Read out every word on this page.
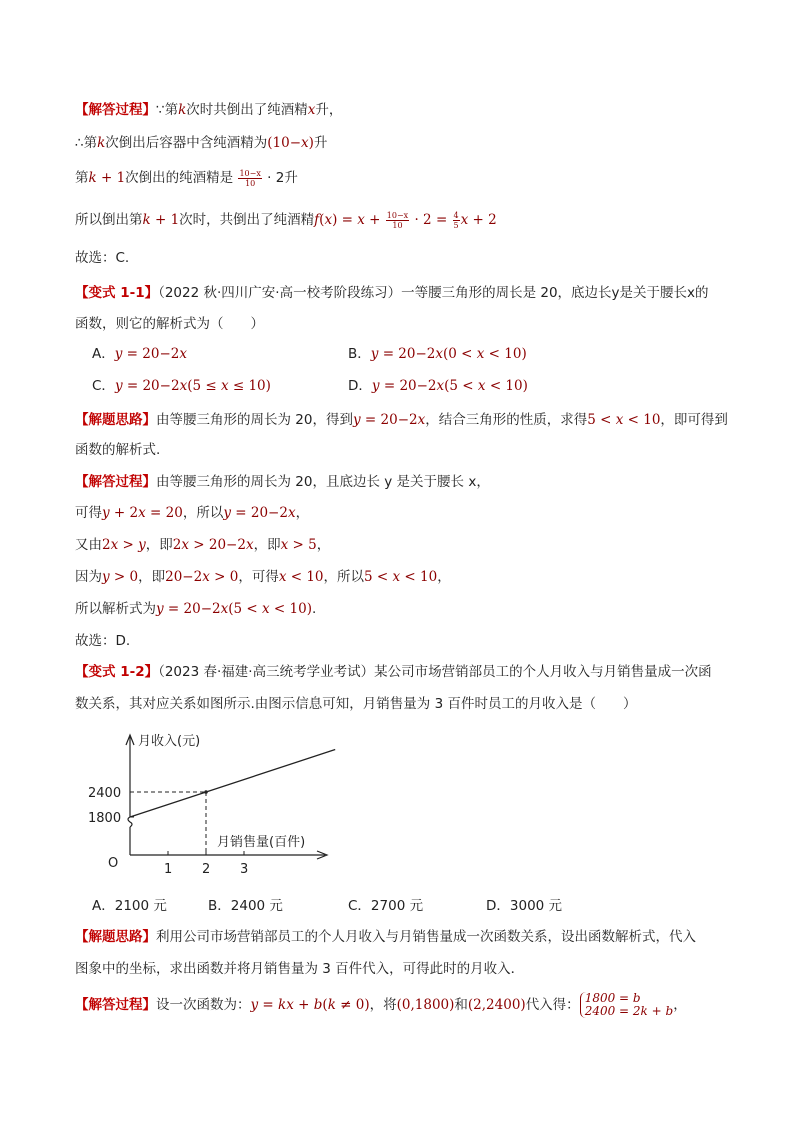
【解答过程】∵第k次时共倒出了纯酒精x升，
∴第k次倒出后容器中含纯酒精为(10−x)升
第k + 1次倒出的纯酒精是 $\frac{10-x}{10} \cdot 2$升
所以倒出第k + 1次时，共倒出了纯酒精$f(x) = x + \frac{10-x}{10} \cdot 2 = \frac{4}{5}$ x + 2
故选：C.
【变式 1-1】（2022 秋·四川广安·高一校考阶段练习）一等腰三角形的周长是 20，底边长y是关于腰长x的
函数，则它的解析式为（　　）
A．y = 20−2x	B．y = 20−2x(0 < x < 10)
C．y = 20−2x(5 ≤ x ≤ 10)	D．y = 20−2x(5 < x < 10)
【解题思路】由等腰三角形的周长为 20，得到y = 20−2x，结合三角形的性质，求得5 < x < 10，即可得到
函数的解析式.
【解答过程】由等腰三角形的周长为 20，且底边长 y 是关于腰长 x，
可得y + 2x = 20，所以y = 20−2x，
又由2x > y，即2x > 20−2x，即x > 5，
因为y > 0，即20−2x > 0，可得x < 10，所以5 < x < 10，
所以解析式为y = 20−2x(5 < x < 10).
故选：D.
【变式 1-2】（2023 春·福建·高三统考学业考试）某公司市场营销部员工的个人月收入与月销售量成一次函
数关系，其对应关系如图所示.由图示信息可知，月销售量为 3 百件时员工的月收入是（　　）
月收入(元)
月销售量(百件)
O	1 2 3
1800
2400
A．2100 元	B．2400 元	C．2700 元	D．3000 元
【解题思路】利用公司市场营销部员工的个人月收入与月销售量成一次函数关系，设出函数解析式，代入
图象中的坐标，求出函数并将月销售量为 3 百件代入，可得此时的月收入．
【解答过程】设一次函数为：y = kx + b(k ≠ 0)，将(0,1800)和(2,2400)代入得： 1800 = b
2400 = 2k + b ，
